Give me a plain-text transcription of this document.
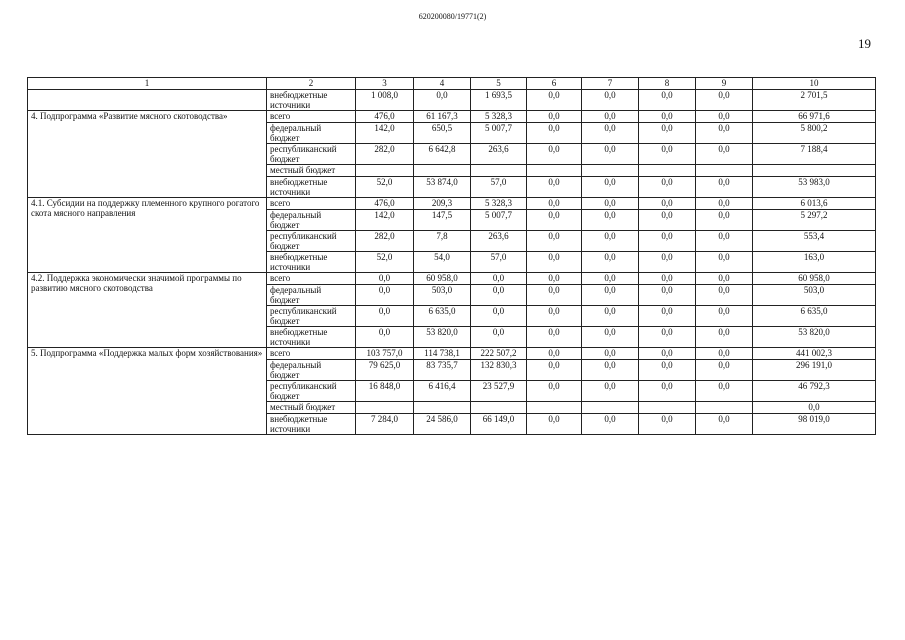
620200080/19771(2)
19
1	2	3	4	5	6	7	8	9	10
	внебюджетные источники	1 008,0	0,0	1 693,5	0,0	0,0	0,0	0,0	2 701,5
4. Подпрограмма «Развитие мясного скотоводства»	всего	476,0	61 167,3	5 328,3	0,0	0,0	0,0	0,0	66 971,6
	федеральный бюджет	142,0	650,5	5 007,7	0,0	0,0	0,0	0,0	5 800,2
	республиканский бюджет	282,0	6 642,8	263,6	0,0	0,0	0,0	0,0	7 188,4
	местный бюджет								
	внебюджетные источники	52,0	53 874,0	57,0	0,0	0,0	0,0	0,0	53 983,0
4.1. Субсидии на поддержку племенного крупного рогатого скота мясного направления	всего	476,0	209,3	5 328,3	0,0	0,0	0,0	0,0	6 013,6
	федеральный бюджет	142,0	147,5	5 007,7	0,0	0,0	0,0	0,0	5 297,2
	республиканский бюджет	282,0	7,8	263,6	0,0	0,0	0,0	0,0	553,4
	внебюджетные источники	52,0	54,0	57,0	0,0	0,0	0,0	0,0	163,0
4.2. Поддержка экономически значимой программы по развитию мясного скотоводства	всего	0,0	60 958,0	0,0	0,0	0,0	0,0	0,0	60 958,0
	федеральный бюджет	0,0	503,0	0,0	0,0	0,0	0,0	0,0	503,0
	республиканский бюджет	0,0	6 635,0	0,0	0,0	0,0	0,0	0,0	6 635,0
	внебюджетные источники	0,0	53 820,0	0,0	0,0	0,0	0,0	0,0	53 820,0
5. Подпрограмма «Поддержка малых форм хозяйствования»	всего	103 757,0	114 738,1	222 507,2	0,0	0,0	0,0	0,0	441 002,3
	федеральный бюджет	79 625,0	83 735,7	132 830,3	0,0	0,0	0,0	0,0	296 191,0
	республиканский бюджет	16 848,0	6 416,4	23 527,9	0,0	0,0	0,0	0,0	46 792,3
	местный бюджет								0,0
	внебюджетные источники	7 284,0	24 586,0	66 149,0	0,0	0,0	0,0	0,0	98 019,0
